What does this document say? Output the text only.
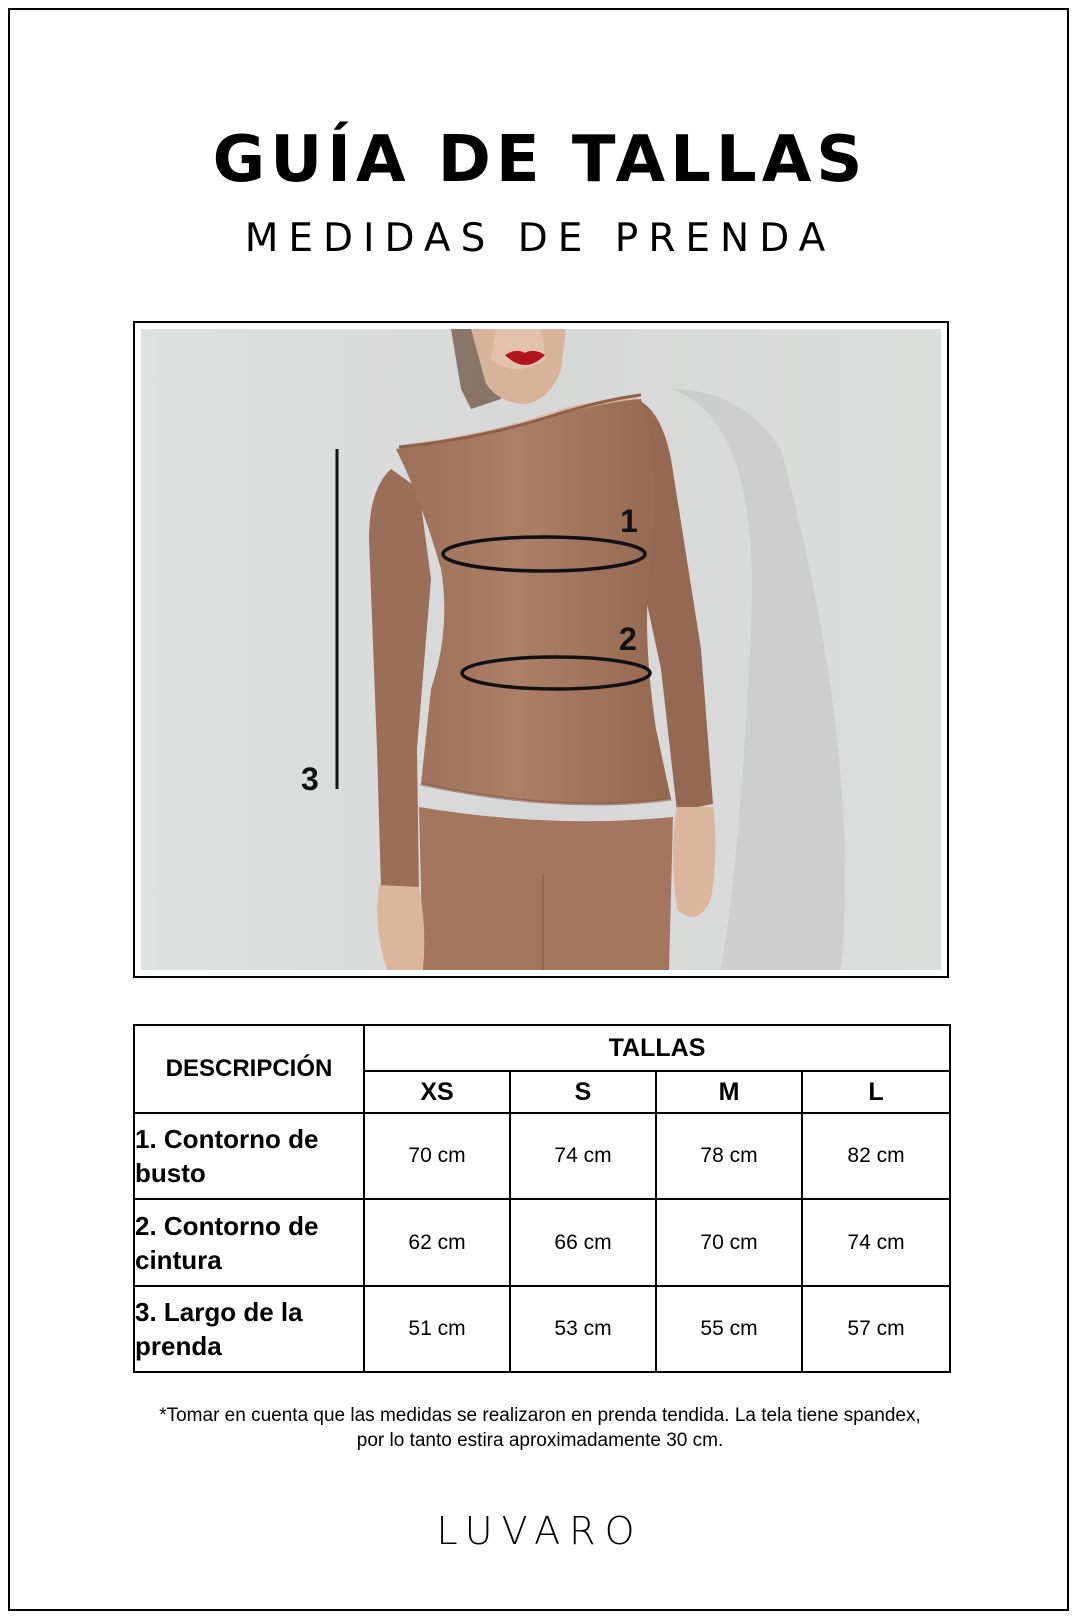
GUÍA DE TALLAS
MEDIDAS DE PRENDA
1
2
3
DESCRIPCIÓN	TALLAS			
	XS	S	M	L
1. Contorno de busto	70 cm	74 cm	78 cm	82 cm
2. Contorno de cintura	62 cm	66 cm	70 cm	74 cm
3. Largo de la prenda	51 cm	53 cm	55 cm	57 cm
*Tomar en cuenta que las medidas se realizaron en prenda tendida. La tela tiene spandex, por lo tanto estira aproximadamente 30 cm.
LUVARO
